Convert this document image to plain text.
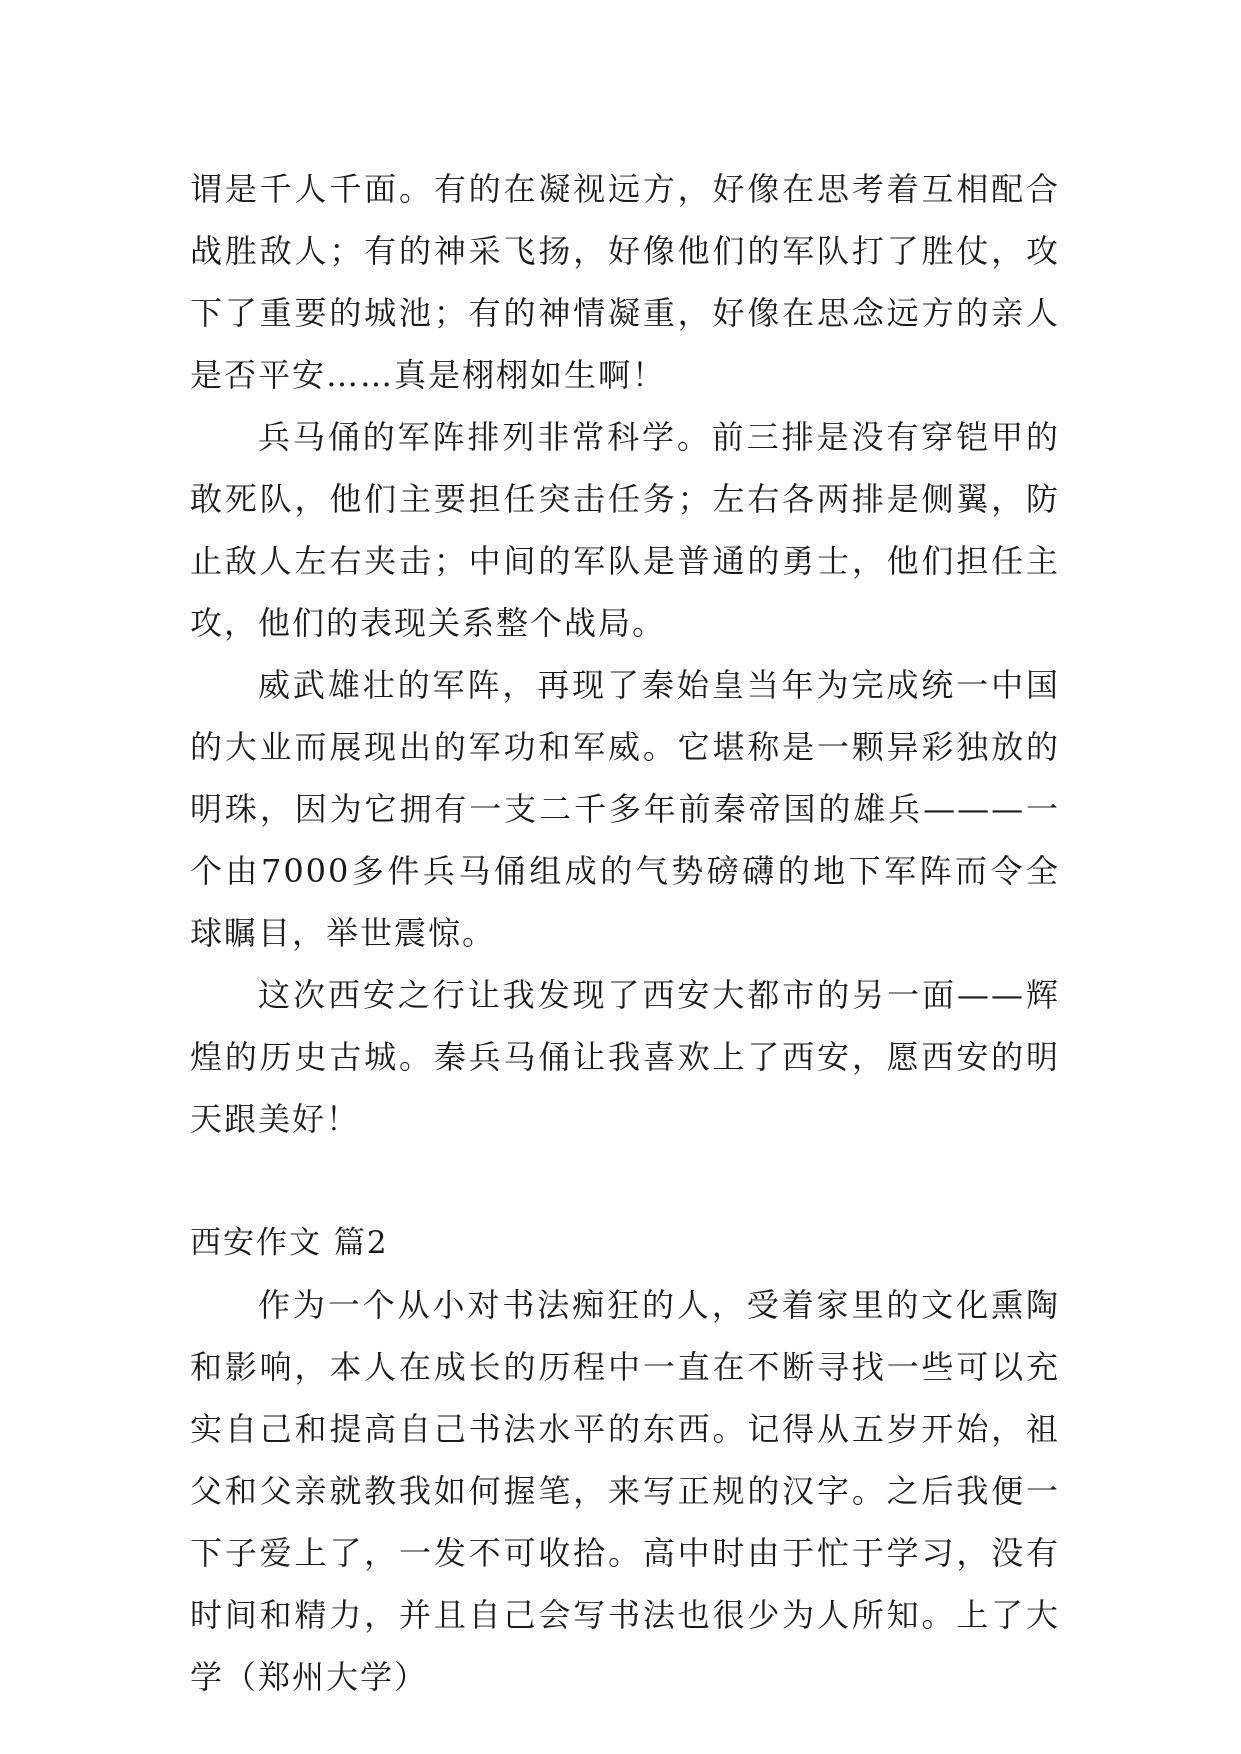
谓是千人千面。有的在凝视远方，好像在思考着互相配合战胜敌人；有的神采飞扬，好像他们的军队打了胜仗，攻下了重要的城池；有的神情凝重，好像在思念远方的亲人是否平安……真是栩栩如生啊！

兵马俑的军阵排列非常科学。前三排是没有穿铠甲的敢死队，他们主要担任突击任务；左右各两排是侧翼，防止敌人左右夹击；中间的军队是普通的勇士，他们担任主攻，他们的表现关系整个战局。

威武雄壮的军阵，再现了秦始皇当年为完成统一中国的大业而展现出的军功和军威。它堪称是一颗异彩独放的明珠，因为它拥有一支二千多年前秦帝国的雄兵———一个由7000多件兵马俑组成的气势磅礴的地下军阵而令全球瞩目，举世震惊。

这次西安之行让我发现了西安大都市的另一面——辉煌的历史古城。秦兵马俑让我喜欢上了西安，愿西安的明天跟美好！

西安作文 篇2

作为一个从小对书法痴狂的人，受着家里的文化熏陶和影响，本人在成长的历程中一直在不断寻找一些可以充实自己和提高自己书法水平的东西。记得从五岁开始，祖父和父亲就教我如何握笔，来写正规的汉字。之后我便一下子爱上了，一发不可收拾。高中时由于忙于学习，没有时间和精力，并且自己会写书法也很少为人所知。上了大学（郑州大学）
